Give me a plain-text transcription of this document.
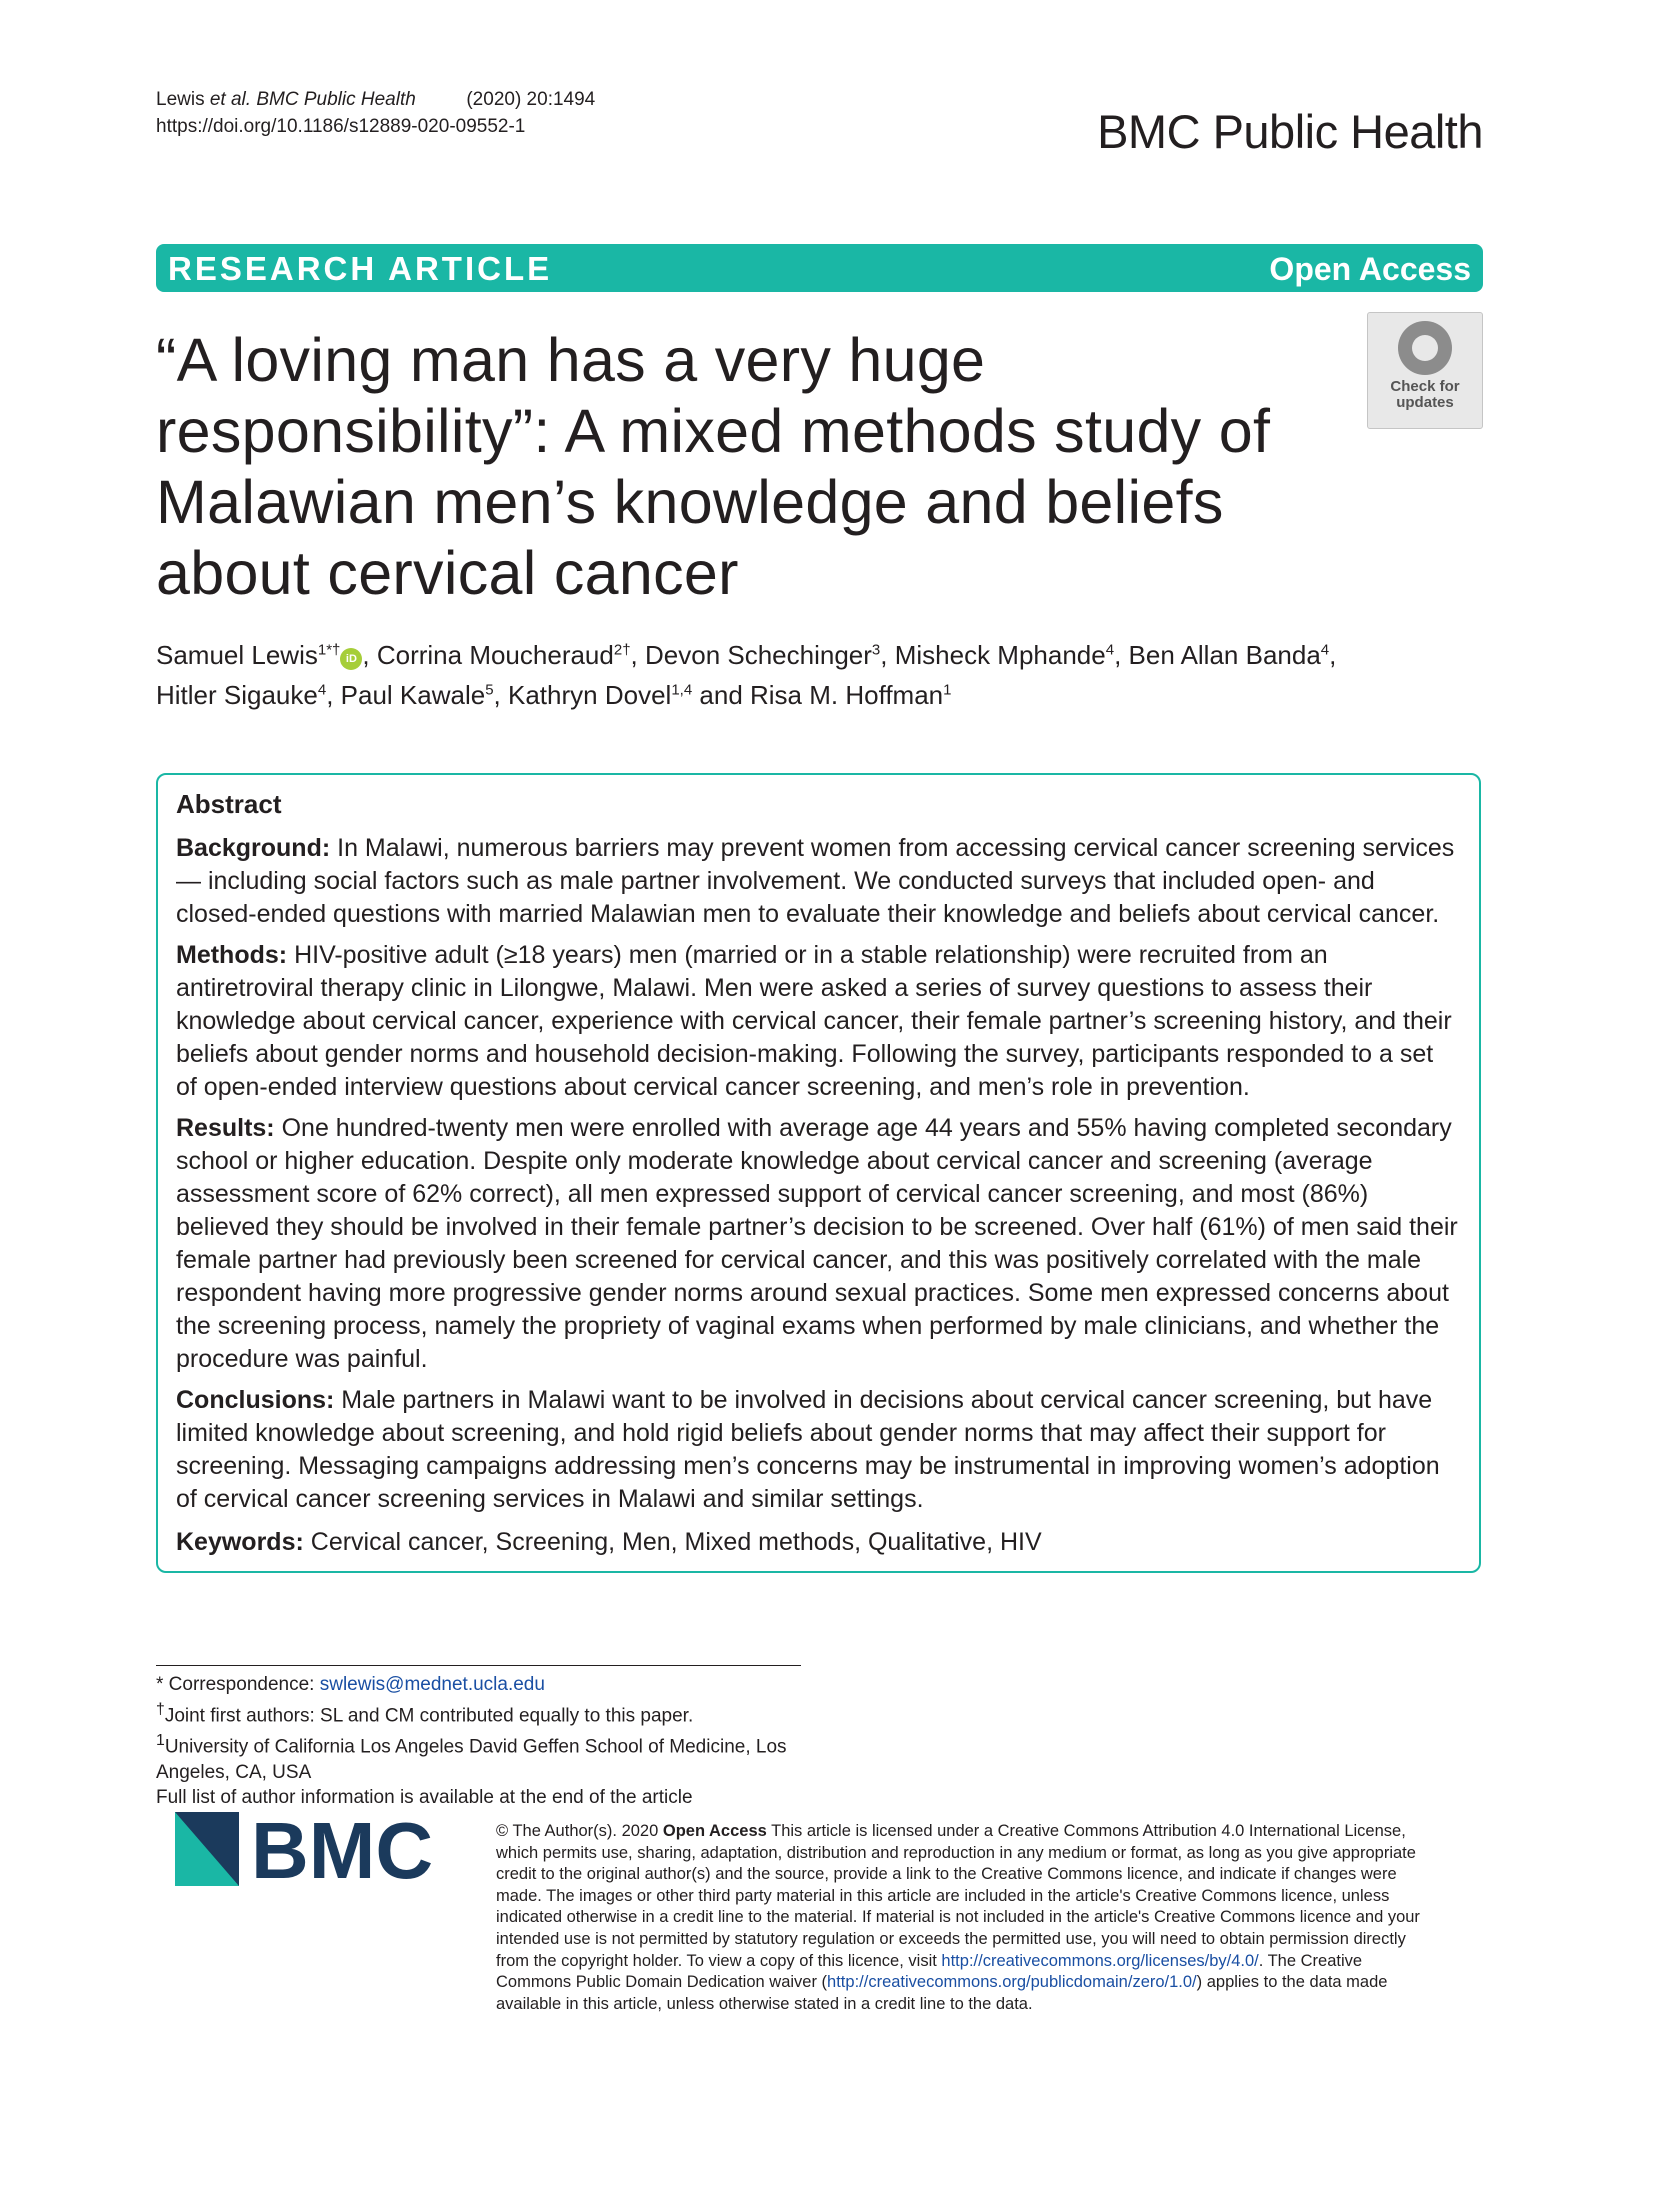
Lewis et al. BMC Public Health	(2020) 20:1494
https://doi.org/10.1186/s12889-020-09552-1	BMC Public Health
RESEARCH ARTICLE	Open Access
“A loving man has a very huge responsibility”: A mixed methods study of Malawian men’s knowledge and beliefs about cervical cancer
Check for
updates
Samuel Lewis$^{1*\dagger}$iD , Corrina Moucheraud$^{2\dagger}$, Devon Schechinger$^3$, Misheck Mphande$^4$, Ben Allan Banda$^4$, Hitler Sigauke$^4$, Paul Kawale$^5$, Kathryn Dovel$^{1,4}$ and Risa M. Hoffman$^1$
Abstract

Background: In Malawi, numerous barriers may prevent women from accessing cervical cancer screening services — including social factors such as male partner involvement. We conducted surveys that included open- and closed-ended questions with married Malawian men to evaluate their knowledge and beliefs about cervical cancer.

Methods: HIV-positive adult (≥18 years) men (married or in a stable relationship) were recruited from an antiretroviral therapy clinic in Lilongwe, Malawi. Men were asked a series of survey questions to assess their knowledge about cervical cancer, experience with cervical cancer, their female partner’s screening history, and their beliefs about gender norms and household decision-making. Following the survey, participants responded to a set of open-ended interview questions about cervical cancer screening, and men’s role in prevention.

Results: One hundred-twenty men were enrolled with average age 44 years and 55% having completed secondary school or higher education. Despite only moderate knowledge about cervical cancer and screening (average assessment score of 62% correct), all men expressed support of cervical cancer screening, and most (86%) believed they should be involved in their female partner’s decision to be screened. Over half (61%) of men said their female partner had previously been screened for cervical cancer, and this was positively correlated with the male respondent having more progressive gender norms around sexual practices. Some men expressed concerns about the screening process, namely the propriety of vaginal exams when performed by male clinicians, and whether the procedure was painful.

Conclusions: Male partners in Malawi want to be involved in decisions about cervical cancer screening, but have limited knowledge about screening, and hold rigid beliefs about gender norms that may affect their support for screening. Messaging campaigns addressing men’s concerns may be instrumental in improving women’s adoption of cervical cancer screening services in Malawi and similar settings.

Keywords: Cervical cancer, Screening, Men, Mixed methods, Qualitative, HIV

* Correspondence: swlewis@mednet.ucla.edu

†Joint first authors: SL and CM contributed equally to this paper.

$^1$University of California Los Angeles David Geffen School of Medicine, Los Angeles, CA, USA

Full list of author information is available at the end of the article

BMC	© The Author(s). 2020 Open Access This article is licensed under a Creative Commons Attribution 4.0 International License, which permits use, sharing, adaptation, distribution and reproduction in any medium or format, as long as you give appropriate credit to the original author(s) and the source, provide a link to the Creative Commons licence, and indicate if changes were made. The images or other third party material in this article are included in the article's Creative Commons licence, unless indicated otherwise in a credit line to the material. If material is not included in the article's Creative Commons licence and your intended use is not permitted by statutory regulation or exceeds the permitted use, you will need to obtain permission directly from the copyright holder. To view a copy of this licence, visit http://creativecommons.org/licenses/by/4.0/. The Creative Commons Public Domain Dedication waiver (http://creativecommons.org/publicdomain/zero/1.0/) applies to the data made available in this article, unless otherwise stated in a credit line to the data.
